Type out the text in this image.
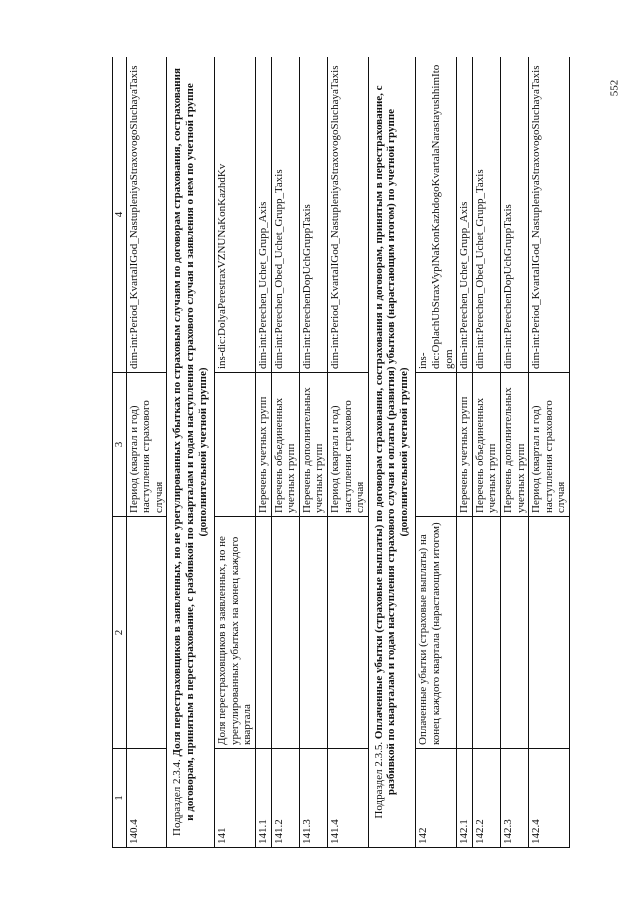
552
1	2	3	4
140.4		Период (квартал и год) наступления страхового случая	dim-int:Period_KvartalIGod_NastupleniyaStraxovogoSluchayaTaxis
Подраздел 2.3.4. Доля перестраховщиков в заявленных, но не урегулированных убытках по страховым случаям по договорам страхования, сострахования и договорам, принятым в перестрахование, с разбивкой по кварталам и годам наступления страхового случая и заявления о нем по учетной группе (дополнительной учетной группе)			
141	Доля перестраховщиков в заявленных, но не урегулированных убытках на конец каждого квартала		ins-dic:DolyaPerestraxVZNUNaKonKazhdKv
141.1		Перечень учетных групп	dim-int:Perechen_Uchet_Grupp_Axis
141.2		Перечень объединенных учетных групп	dim-int:Perechen_Obed_Uchet_Grupp_Taxis
141.3		Перечень дополнительных учетных групп	dim-int:PerechenDopUchGruppTaxis
141.4		Период (квартал и год) наступления страхового случая	dim-int:Period_KvartalIGod_NastupleniyaStraxovogoSluchayaTaxis
Подраздел 2.3.5. Оплаченные убытки (страховые выплаты) по договорам страхования, сострахования и договорам, принятым в перестрахование, с разбивкой по кварталам и годам наступления страхового случая и оплаты (развития) убытков (нарастающим итогом) по учетной группе (дополнительной учетной группе)			
142	Оплаченные убытки (страховые выплаты) на конец каждого квартала (нарастающим итогом)		ins-dic:OplachUbStraxVyplNaKonKazhdogoKvartalaNarastayushhimItogom
142.1		Перечень учетных групп	dim-int:Perechen_Uchet_Grupp_Axis
142.2		Перечень объединенных учетных групп	dim-int:Perechen_Obed_Uchet_Grupp_Taxis
142.3		Перечень дополнительных учетных групп	dim-int:PerechenDopUchGruppTaxis
142.4		Период (квартал и год) наступления страхового случая	dim-int:Period_KvartalIGod_NastupleniyaStraxovogoSluchayaTaxis
